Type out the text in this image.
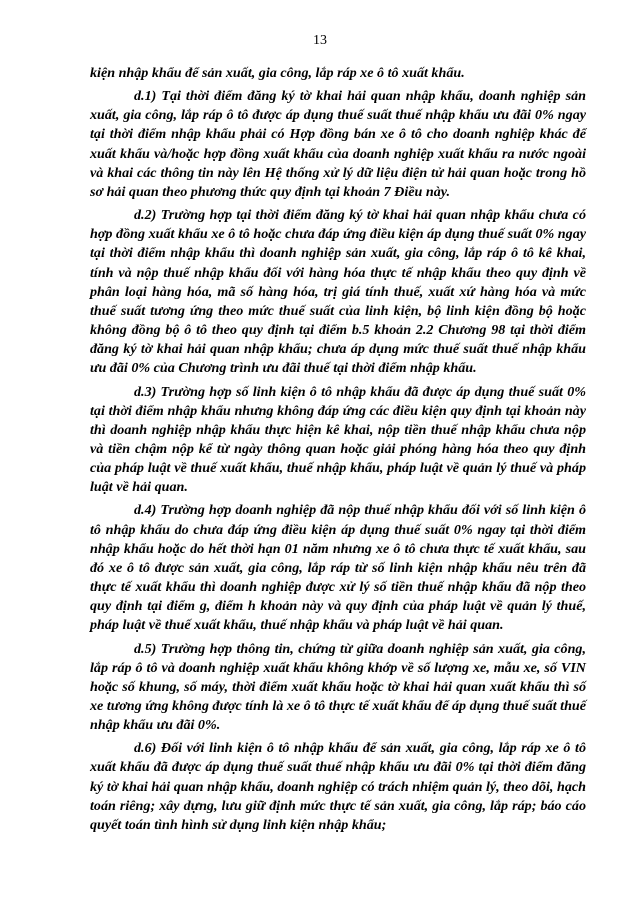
13

kiện nhập khẩu để sản xuất, gia công, lắp ráp xe ô tô xuất khẩu.

d.1) Tại thời điểm đăng ký tờ khai hải quan nhập khẩu, doanh nghiệp sản xuất, gia công, lắp ráp ô tô được áp dụng thuế suất thuế nhập khẩu ưu đãi 0% ngay tại thời điểm nhập khẩu phải có Hợp đồng bán xe ô tô cho doanh nghiệp khác để xuất khẩu và/hoặc hợp đồng xuất khẩu của doanh nghiệp xuất khẩu ra nước ngoài và khai các thông tin này lên Hệ thống xử lý dữ liệu điện tử hải quan hoặc trong hồ sơ hải quan theo phương thức quy định tại khoản 7 Điều này.

d.2) Trường hợp tại thời điểm đăng ký tờ khai hải quan nhập khẩu chưa có hợp đồng xuất khẩu xe ô tô hoặc chưa đáp ứng điều kiện áp dụng thuế suất 0% ngay tại thời điểm nhập khẩu thì doanh nghiệp sản xuất, gia công, lắp ráp ô tô kê khai, tính và nộp thuế nhập khẩu đối với hàng hóa thực tế nhập khẩu theo quy định về phân loại hàng hóa, mã số hàng hóa, trị giá tính thuế, xuất xứ hàng hóa và mức thuế suất tương ứng theo mức thuế suất của linh kiện, bộ linh kiện đồng bộ hoặc không đồng bộ ô tô theo quy định tại điểm b.5 khoản 2.2 Chương 98 tại thời điểm đăng ký tờ khai hải quan nhập khẩu; chưa áp dụng mức thuế suất thuế nhập khẩu ưu đãi 0% của Chương trình ưu đãi thuế tại thời điểm nhập khẩu.

d.3) Trường hợp số linh kiện ô tô nhập khẩu đã được áp dụng thuế suất 0% tại thời điểm nhập khẩu nhưng không đáp ứng các điều kiện quy định tại khoản này thì doanh nghiệp nhập khẩu thực hiện kê khai, nộp tiền thuế nhập khẩu chưa nộp và tiền chậm nộp kể từ ngày thông quan hoặc giải phóng hàng hóa theo quy định của pháp luật về thuế xuất khẩu, thuế nhập khẩu, pháp luật về quản lý thuế và pháp luật về hải quan.

d.4) Trường hợp doanh nghiệp đã nộp thuế nhập khẩu đối với số linh kiện ô tô nhập khẩu do chưa đáp ứng điều kiện áp dụng thuế suất 0% ngay tại thời điểm nhập khẩu hoặc do hết thời hạn 01 năm nhưng xe ô tô chưa thực tế xuất khẩu, sau đó xe ô tô được sản xuất, gia công, lắp ráp từ số linh kiện nhập khẩu nêu trên đã thực tế xuất khẩu thì doanh nghiệp được xử lý số tiền thuế nhập khẩu đã nộp theo quy định tại điểm g, điểm h khoản này và quy định của pháp luật về quản lý thuế, pháp luật về thuế xuất khẩu, thuế nhập khẩu và pháp luật về hải quan.

d.5) Trường hợp thông tin, chứng từ giữa doanh nghiệp sản xuất, gia công, lắp ráp ô tô và doanh nghiệp xuất khẩu không khớp về số lượng xe, mẫu xe, số VIN hoặc số khung, số máy, thời điểm xuất khẩu hoặc tờ khai hải quan xuất khẩu thì số xe tương ứng không được tính là xe ô tô thực tế xuất khẩu để áp dụng thuế suất thuế nhập khẩu ưu đãi 0%.

d.6) Đối với linh kiện ô tô nhập khẩu để sản xuất, gia công, lắp ráp xe ô tô xuất khẩu đã được áp dụng thuế suất thuế nhập khẩu ưu đãi 0% tại thời điểm đăng ký tờ khai hải quan nhập khẩu, doanh nghiệp có trách nhiệm quản lý, theo dõi, hạch toán riêng; xây dựng, lưu giữ định mức thực tế sản xuất, gia công, lắp ráp; báo cáo quyết toán tình hình sử dụng linh kiện nhập khẩu;
